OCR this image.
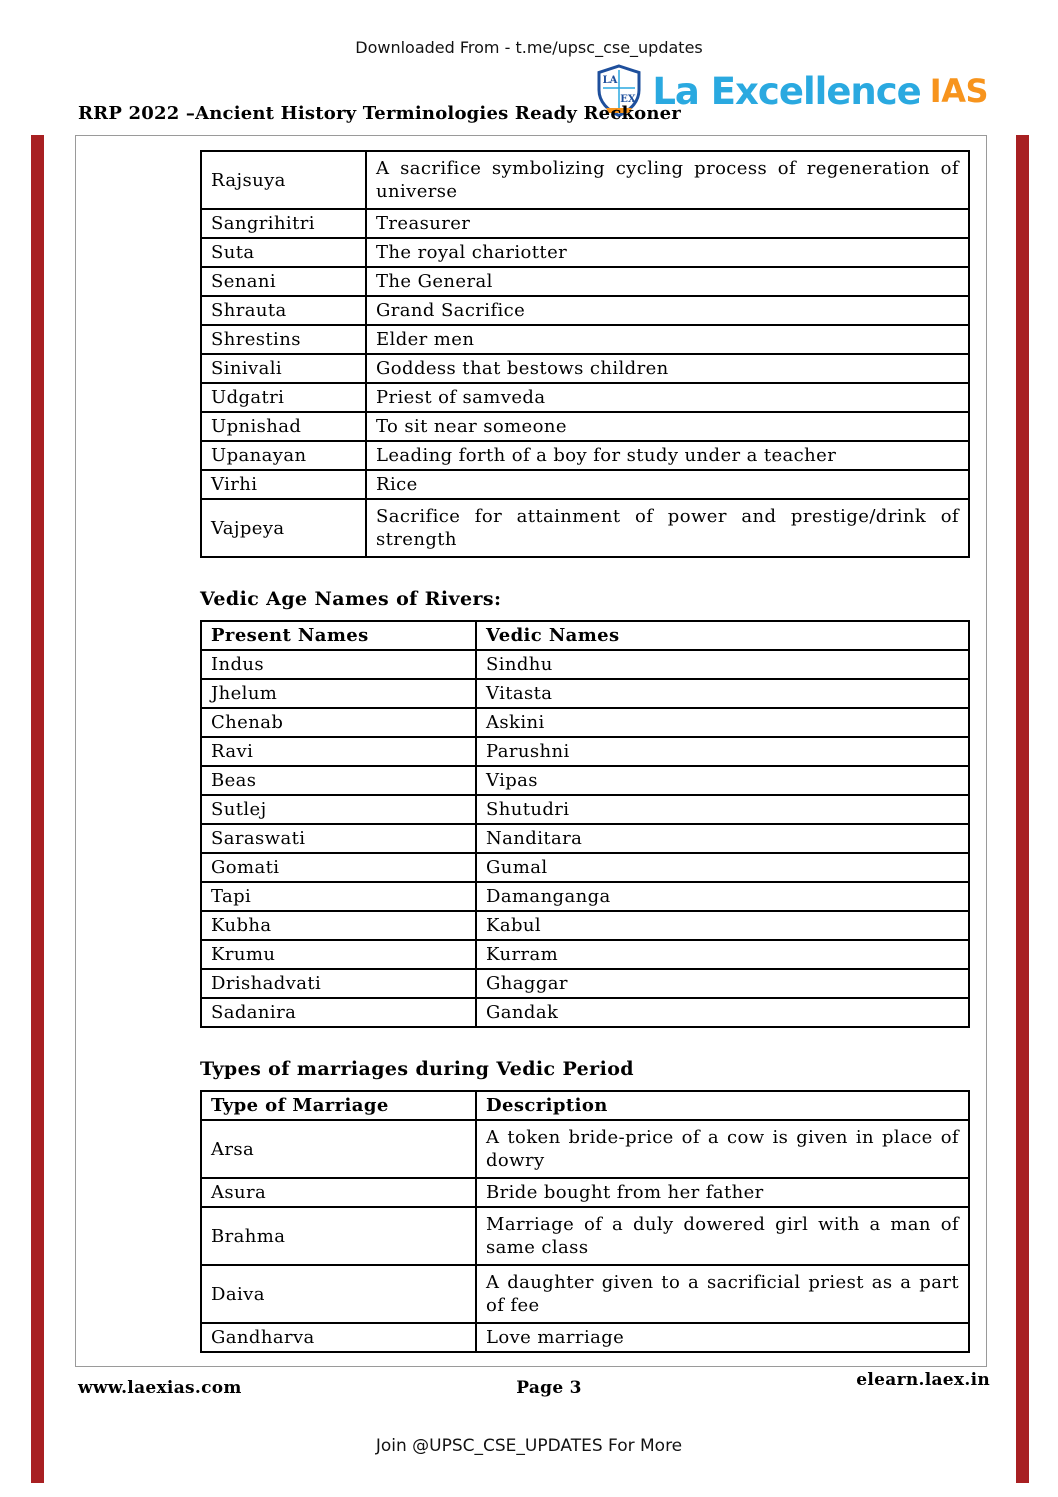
Downloaded From - t.me/upsc_cse_updates
LA
EX La Excellence IAS
RRP 2022 –Ancient History Terminologies Ready Reckoner
Rajsuya	A sacrifice symbolizing cycling process of regeneration of universe
Sangrihitri	Treasurer
Suta	The royal chariotter
Senani	The General
Shrauta	Grand Sacrifice
Shrestins	Elder men
Sinivali	Goddess that bestows children
Udgatri	Priest of samveda
Upnishad	To sit near someone
Upanayan	Leading forth of a boy for study under a teacher
Virhi	Rice
Vajpeya	Sacrifice for attainment of power and prestige/drink of strength
Vedic Age Names of Rivers:
Present Names	Vedic Names
Indus	Sindhu
Jhelum	Vitasta
Chenab	Askini
Ravi	Parushni
Beas	Vipas
Sutlej	Shutudri
Saraswati	Nanditara
Gomati	Gumal
Tapi	Damanganga
Kubha	Kabul
Krumu	Kurram
Drishadvati	Ghaggar
Sadanira	Gandak
Types of marriages during Vedic Period
Type of Marriage	Description
Arsa	A token bride-price of a cow is given in place of dowry
Asura	Bride bought from her father
Brahma	Marriage of a duly dowered girl with a man of same class
Daiva	A daughter given to a sacrificial priest as a part of fee
Gandharva	Love marriage
www.laexias.com	Page 3	elearn.laex.in
Join @UPSC_CSE_UPDATES For More
